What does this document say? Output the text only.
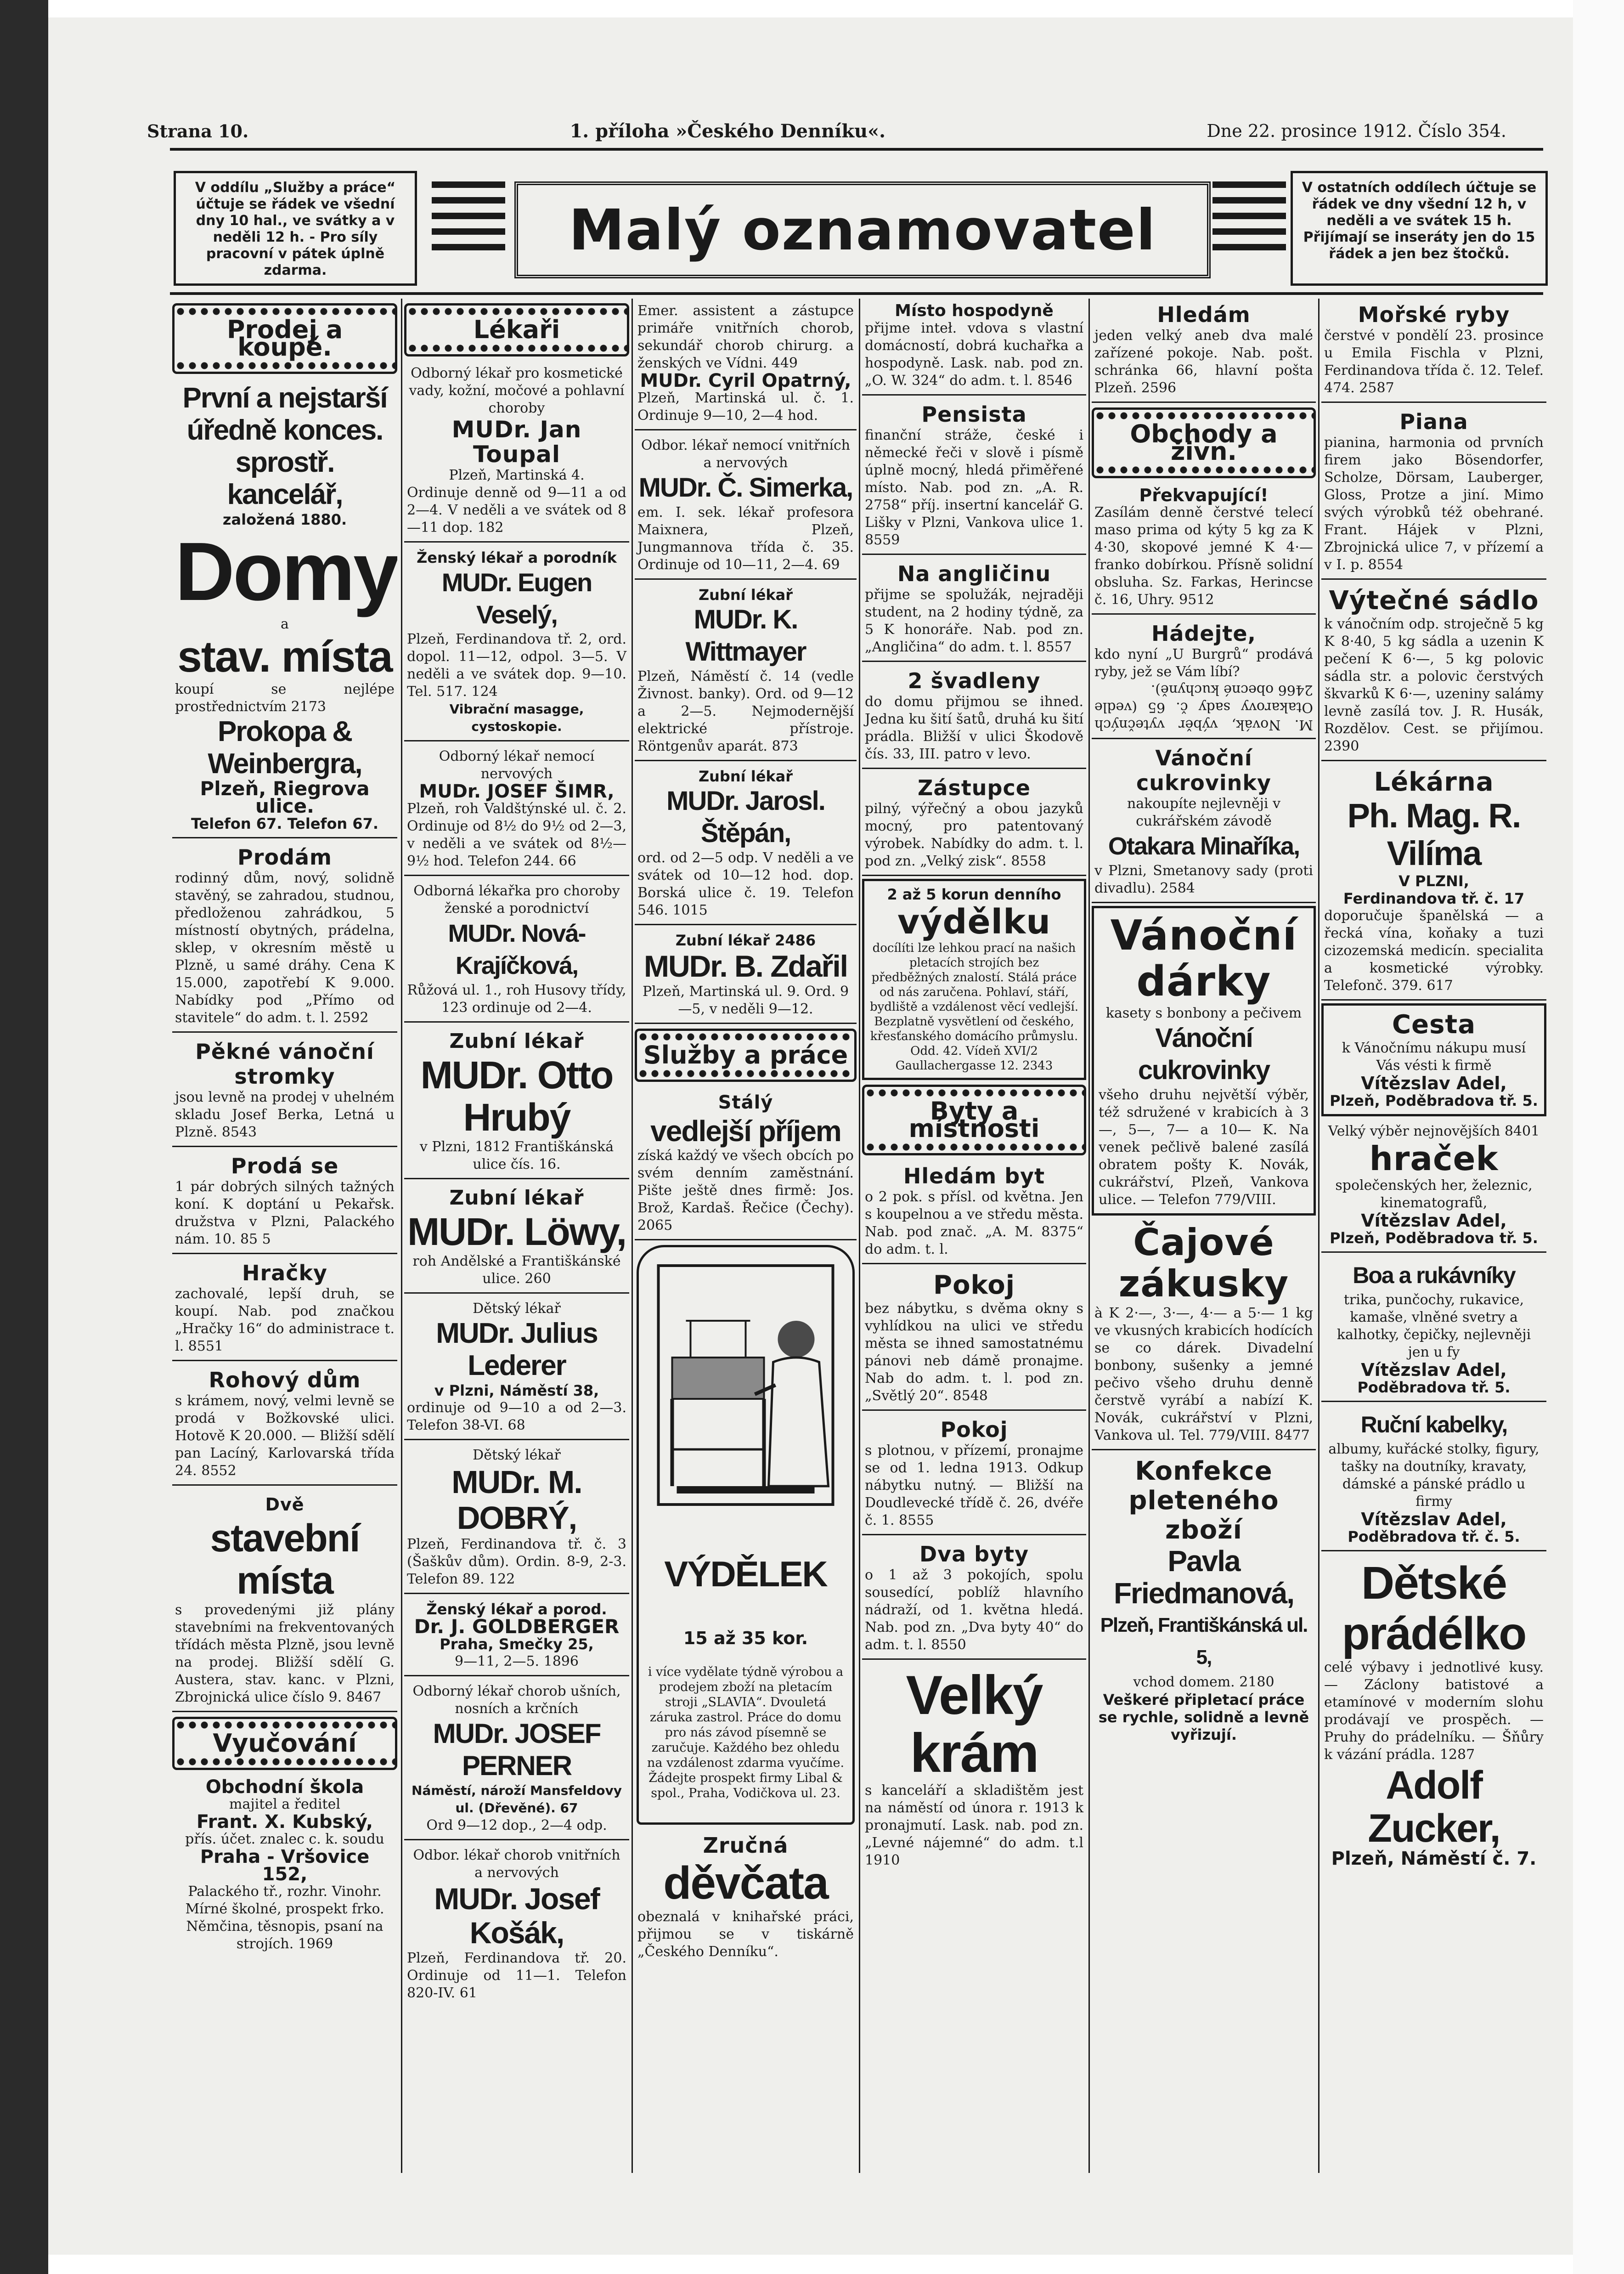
Strana 10.	1. příloha »Českého Denníku«.	Dne 22. prosince 1912. Číslo 354.
V oddílu „Služby a práce“ účtuje se řádek ve všední dny 10 hal., ve svátky a v neděli 12 h. - Pro síly pracovní v pátek úplně zdarma.
Malý oznamovatel
V ostatních oddílech účtuje se řádek ve dny všední 12 h, v neděli a ve svátek 15 h. Přijímají se inseráty jen do 15 řádek a jen bez štočků.
Prodej a koupě.

První a nejstarší úředně konces. sprostř. kancelář,

založená 1880.

Domy

a

stav. místa

koupí se nejlépe prostřednictvím 2173

Prokopa & Weinbergra,

Plzeň, Riegrova ulice.

Telefon 67. Telefon 67.

Prodám

rodinný dům, nový, solidně stavěný, se zahradou, studnou, předloženou zahrádkou, 5 místností obytných, prádelna, sklep, v okresním městě u Plzně, u samé dráhy. Cena K 15.000, zapotřebí K 9.000. Nabídky pod „Přímo od stavitele“ do adm. t. l. 2592

Pěkné vánoční stromky

jsou levně na prodej v uhelném skladu Josef Berka, Letná u Plzně. 8543

Prodá se

1 pár dobrých silných tažných koní. K doptání u Pekařsk. družstva v Plzni, Palackého nám. 10. 85 5

Hračky

zachovalé, lepší druh, se koupí. Nab. pod značkou „Hračky 16“ do administrace t. l. 8551

Rohový dům

s krámem, nový, velmi levně se prodá v Božkovské ulici. Hotově K 20.000. — Bližší sdělí pan Lacíný, Karlovarská třída 24. 8552

Dvě

stavební místa

s provedenými již plány stavebními na frekventovaných třídách města Plzně, jsou levně na prodej. Bližší sdělí G. Austera, stav. kanc. v Plzni, Zbrojnická ulice číslo 9. 8467

Vyučování

Obchodní škola

majitel a ředitel

Frant. X. Kubský,

přís. účet. znalec c. k. soudu

Praha - Vršovice 152,

Palackého tř., rozhr. Vinohr. Mírné školné, prospekt frko. Němčina, těsnopis, psaní na strojích. 1969

Lékaři

Odborný lékař pro kosmetické vady, kožní, močové a pohlavní choroby

MUDr. Jan Toupal

Plzeň, Martinská 4.

Ordinuje denně od 9—11 a od 2—4. V neděli a ve svátek od 8—11 dop. 182

Ženský lékař a porodník

MUDr. Eugen Veselý,

Plzeň, Ferdinandova tř. 2, ord. dopol. 11—12, odpol. 3—5. V neděli a ve svátek dop. 9—10. Tel. 517. 124

Vibrační masagge, cystoskopie.

Odborný lékař nemocí nervových

MUDr. JOSEF ŠIMR,

Plzeň, roh Valdštýnské ul. č. 2. Ordinuje od 8½ do 9½ od 2—3, v neděli a ve svátek od 8½—9½ hod. Telefon 244. 66

Odborná lékařka pro choroby ženské a porodnictví

MUDr. Nová-Krajíčková,

Růžová ul. 1., roh Husovy třídy, 123 ordinuje od 2—4.

Zubní lékař

MUDr. Otto Hrubý

v Plzni, 1812 Františkánská ulice čís. 16.

Zubní lékař

MUDr. Löwy,

roh Andělské a Františkánské ulice. 260

Dětský lékař

MUDr. Julius Lederer

v Plzni, Náměstí 38,

ordinuje od 9—10 a od 2—3. Telefon 38-VI. 68

Dětský lékař

MUDr. M. DOBRÝ,

Plzeň, Ferdinandova tř. č. 3 (Šaškův dům). Ordin. 8-9, 2-3. Telefon 89. 122

Ženský lékař a porod.

Dr. J. GOLDBERGER

Praha, Smečky 25,

9—11, 2—5. 1896

Odborný lékař chorob ušních, nosních a krčních

MUDr. JOSEF PERNER

Náměstí, nároží Mansfeldovy ul. (Dřevěné). 67

Ord 9—12 dop., 2—4 odp.

Odbor. lékař chorob vnitřních a nervových

MUDr. Josef Košák,

Plzeň, Ferdinandova tř. 20. Ordinuje od 11—1. Telefon 820-IV. 61

Emer. assistent a zástupce primáře vnitřních chorob, sekundář chorob chirurg. a ženských ve Vídni. 449

MUDr. Cyril Opatrný,

Plzeň, Martinská ul. č. 1. Ordinuje 9—10, 2—4 hod.

Odbor. lékař nemocí vnitřních a nervových

MUDr. Č. Simerka,

em. I. sek. lékař profesora Maixnera, Plzeň, Jungmannova třída č. 35. Ordinuje od 10—11, 2—4. 69

Zubní lékař

MUDr. K. Wittmayer

Plzeň, Náměstí č. 14 (vedle Živnost. banky). Ord. od 9—12 a 2—5. Nejmodernější elektrické přístroje. Röntgenův aparát. 873

Zubní lékař

MUDr. Jarosl. Štěpán,

ord. od 2—5 odp. V neděli a ve svátek od 10—12 hod. dop. Borská ulice č. 19. Telefon 546. 1015

Zubní lékař 2486

MUDr. B. Zdařil

Plzeň, Martinská ul. 9. Ord. 9—5, v neděli 9—12.

Služby a práce

Stálý

vedlejší příjem

získá každý ve všech obcích po svém denním zaměstnání. Pište ještě dnes firmě: Jos. Brož, Kardaš. Řečice (Čechy). 2065

VÝDĚLEK

15 až 35 kor.

i více vydělate týdně výrobou a prodejem zboží na pletacím stroji „SLAVIA“. Dvouletá záruka zastrol. Práce do domu pro nás závod písemně se zaručuje. Každého bez ohledu na vzdálenost zdarma vyučíme. Žádejte prospekt firmy Libal & spol., Praha, Vodičkova ul. 23.

Zručná

děvčata

obeznalá v knihařské práci, přijmou se v tiskárně „Českého Denníku“.

Místo hospodyně

přijme inteł. vdova s vlastní domácností, dobrá kuchařka a hospodyně. Lask. nab. pod zn. „O. W. 324“ do adm. t. l. 8546

Pensista

finanční stráže, české i německé řeči v slově i písmě úplně mocný, hledá přiměřené místo. Nab. pod zn. „A. R. 2758“ příj. insertní kancelář G. Lišky v Plzni, Vankova ulice 1. 8559

Na angličinu

přijme se spolužák, nejraději student, na 2 hodiny týdně, za 5 K honoráře. Nab. pod zn. „Angličina“ do adm. t. l. 8557

2 švadleny

do domu přijmou se ihned. Jedna ku šití šatů, druhá ku šití prádla. Bližší v ulici Škodově čís. 33, III. patro v levo.

Zástupce

pilný, výřečný a obou jazyků mocný, pro patentovaný výrobek. Nabídky do adm. t. l. pod zn. „Velký zisk“. 8558

2 až 5 korun denního

výdělku

docílíti lze lehkou prací na našich pletacích strojích bez předběžných znalostí. Stálá práce od nás zaručena. Pohlaví, stáří, bydliště a vzdálenost věcí vedlejší. Bezplatně vysvětlení od českého, křesťanského domácího průmyslu. Odd. 42. Vídeň XVI/2 Gaullachergasse 12. 2343

Byty a místnosti

Hledám byt

o 2 pok. s přísl. od května. Jen s koupelnou a ve středu města. Nab. pod znač. „A. M. 8375“ do adm. t. l.

Pokoj

bez nábytku, s dvěma okny s vyhlídkou na ulici ve středu města se ihned samostatnému pánovi neb dámě pronajme. Nab do adm. t. l. pod zn. „Světlý 20“. 8548

Pokoj

s plotnou, v přízemí, pronajme se od 1. ledna 1913. Odkup nábytku nutný. — Bližší na Doudlevecké třídě č. 26, dvéře č. 1. 8555

Dva byty

o 1 až 3 pokojích, spolu sousedící, poblíž hlavního nádraží, od 1. května hledá. Nab. pod zn. „Dva byty 40“ do adm. t. l. 8550

Velký krám

s kanceláří a skladištěm jest na náměstí od února r. 1913 k pronajmutí. Lask. nab. pod zn. „Levné nájemné“ do adm. t.l 1910

Hledám

jeden velký aneb dva malé zařízené pokoje. Nab. pošt. schránka 66, hlavní pošta Plzeň. 2596

Obchody a živn.

Překvapující!

Zasílám denně čerstvé telecí maso prima od kýty 5 kg za K 4·30, skopové jemné K 4·— franko dobírkou. Přísně solidní obsluha. Sz. Farkas, Herincse č. 16, Uhry. 9512

Hádejte,

kdo nyní „U Burgrů“ prodává ryby, jež se Vám líbí?

M. Novák, výběr vytečných Otakarovy sady č. 65 (vedle 2466 obecné kuchyně).

Vánoční cukrovinky

nakoupíte nejlevněji v cukrářském závodě

Otakara Minaříka,

v Plzni, Smetanovy sady (proti divadlu). 2584

Vánoční dárky

kasety s bonbony a pečivem

Vánoční cukrovinky

všeho druhu největší výběr, též sdružené v krabicích à 3—, 5—, 7— a 10— K. Na venek pečlivě balené zasílá obratem pošty K. Novák, cukrářství, Plzeň, Vankova ulice. — Telefon 779/VIII.

Čajové zákusky

à K 2·—, 3·—, 4·— a 5·— 1 kg ve vkusných krabicích hodících se co dárek. Divadelní bonbony, sušenky a jemné pečivo všeho druhu denně čerstvě vyrábí a nabízí K. Novák, cukrářství v Plzni, Vankova ul. Tel. 779/VIII. 8477

Konfekce pleteného zboží

Pavla Friedmanová,

Plzeň, Františkánská ul. 5,

vchod domem. 2180

Veškeré připletací práce se rychle, solidně a levně vyřizují.

Mořské ryby

čerstvé v pondělí 23. prosince u Emila Fischla v Plzni, Ferdinandova třída č. 12. Telef. 474. 2587

Piana

pianina, harmonia od prvních firem jako Bösendorfer, Scholze, Dörsam, Lauberger, Gloss, Protze a jiní. Mimo svých výrobků též obehrané. Frant. Hájek v Plzni, Zbrojnická ulice 7, v přízemí a v I. p. 8554

Výtečné sádlo

k vánočním odp. stroječně 5 kg K 8·40, 5 kg sádla a uzenin K pečení K 6·—, 5 kg polovic sádla str. a polovic čerstvých škvarků K 6·—, uzeniny salámy levně zasílá tov. J. R. Husák, Rozdělov. Cest. se přijímou. 2390

Lékárna

Ph. Mag. R. Vilíma

V PLZNI,

Ferdinandova tř. č. 17

doporučuje španělská — a řecká vína, koňaky a tuzi cizozemská medicín. specialita a kosmetické výrobky. Telefonč. 379. 617

Cesta

k Vánočnímu nákupu musí Vás vésti k firmě

Vítězslav Adel,

Plzeň, Poděbradova tř. 5.

Velký výběr nejnovějších 8401

hraček

společenských her, železnic, kinematografů,

Vítězslav Adel,

Plzeň, Poděbradova tř. 5.

Boa a rukávníky

trika, punčochy, rukavice, kamaše, vlněné svetry a kalhotky, čepičky, nejlevněji jen u fy

Vítězslav Adel,

Poděbradova tř. 5.

Ruční kabelky,

albumy, kuřácké stolky, figury, tašky na doutníky, kravaty, dámské a pánské prádlo u firmy

Vítězslav Adel,

Poděbradova tř. č. 5.

Dětské prádélko

celé výbavy i jednotlivé kusy. — Záclony batistové a etamínové v moderním slohu prodávají ve prospěch. — Pruhy do prádelníku. — Šňůry k vázání prádla. 1287

Adolf Zucker,

Plzeň, Náměstí č. 7.
